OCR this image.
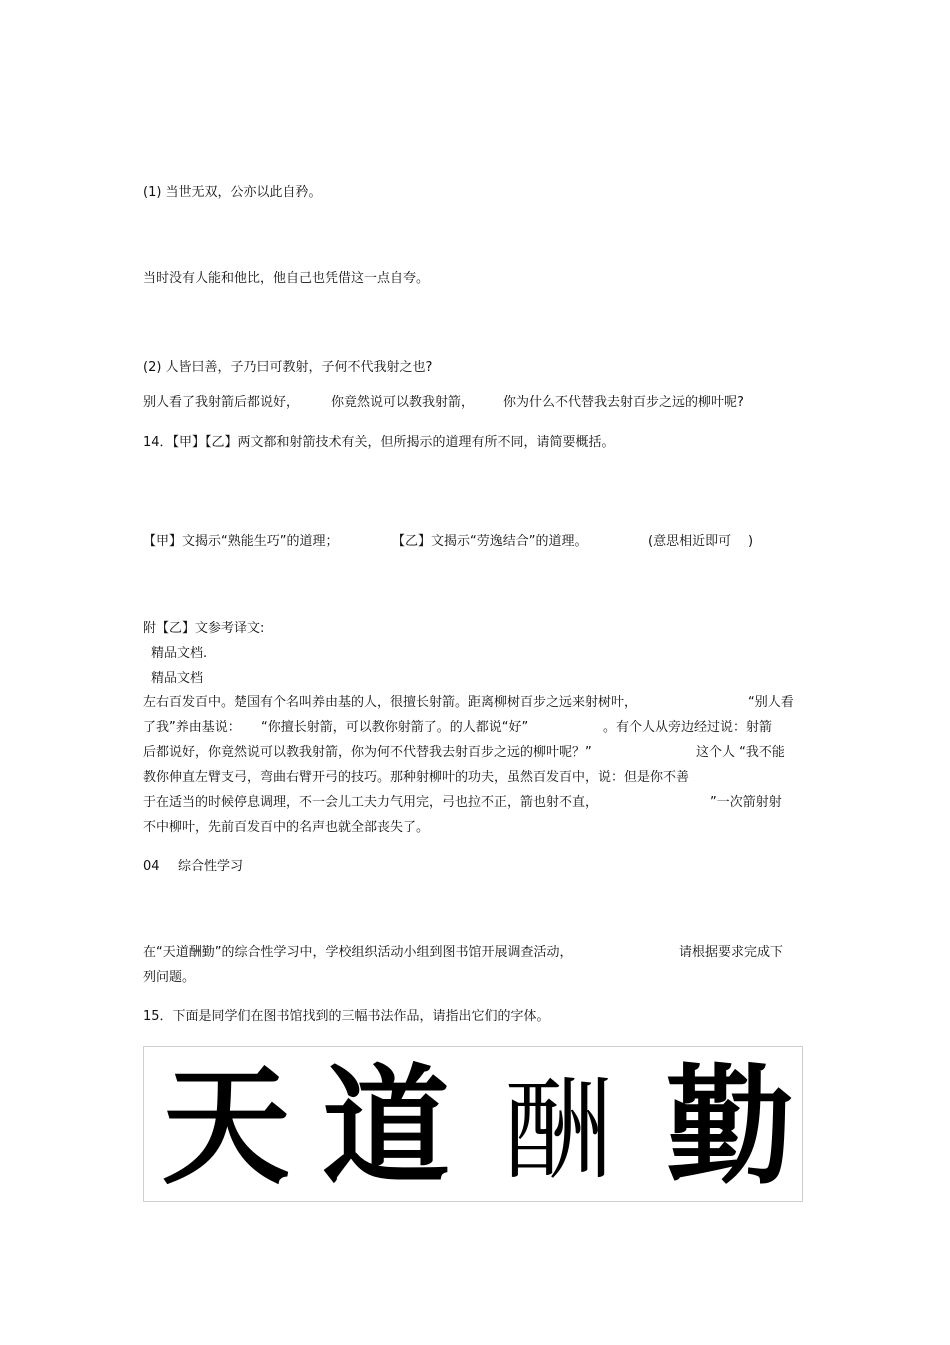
(1) 当世无双，公亦以此自矜。
当时没有人能和他比，他自己也凭借这一点自夸。
(2) 人皆曰善，子乃曰可教射，子何不代我射之也?
别人看了我射箭后都说好， 你竟然说可以教我射箭， 你为什么不代替我去射百步之远的柳叶呢?
14．【甲】【乙】两文都和射箭技术有关，但所揭示的道理有所不同，请简要概括。
【甲】文揭示“熟能生巧”的道理；	【乙】文揭示“劳逸结合”的道理。	(意思相近即可 )
附【乙】文参考译文:
精品文档.
精品文档
左右百发百中。楚国有个名叫养由基的人，很擅长射箭。距离柳树百步之远来射树叶，	“别人看
了我”养由基说： “你擅长射箭，可以教你射箭了。的人都说“好”	。有个人从旁边经过说：射箭
后都说好，你竟然说可以教我射箭，你为何不代替我去射百步之远的柳叶呢？”	这个人 “我不能
教你伸直左臂支弓，弯曲右臂开弓的技巧。那种射柳叶的功夫，虽然百发百中，说：但是你不善
于在适当的时候停息调理，不一会儿工夫力气用完，弓也拉不正，箭也射不直，	”一次箭射射
不中柳叶，先前百发百中的名声也就全部丧失了。
04 综合性学习
在“天道酬勤”的综合性学习中，学校组织活动小组到图书馆开展调查活动，	请根据要求完成下
列问题。
15．下面是同学们在图书馆找到的三幅书法作品，请指出它们的字体。
天 道 酬 勤
